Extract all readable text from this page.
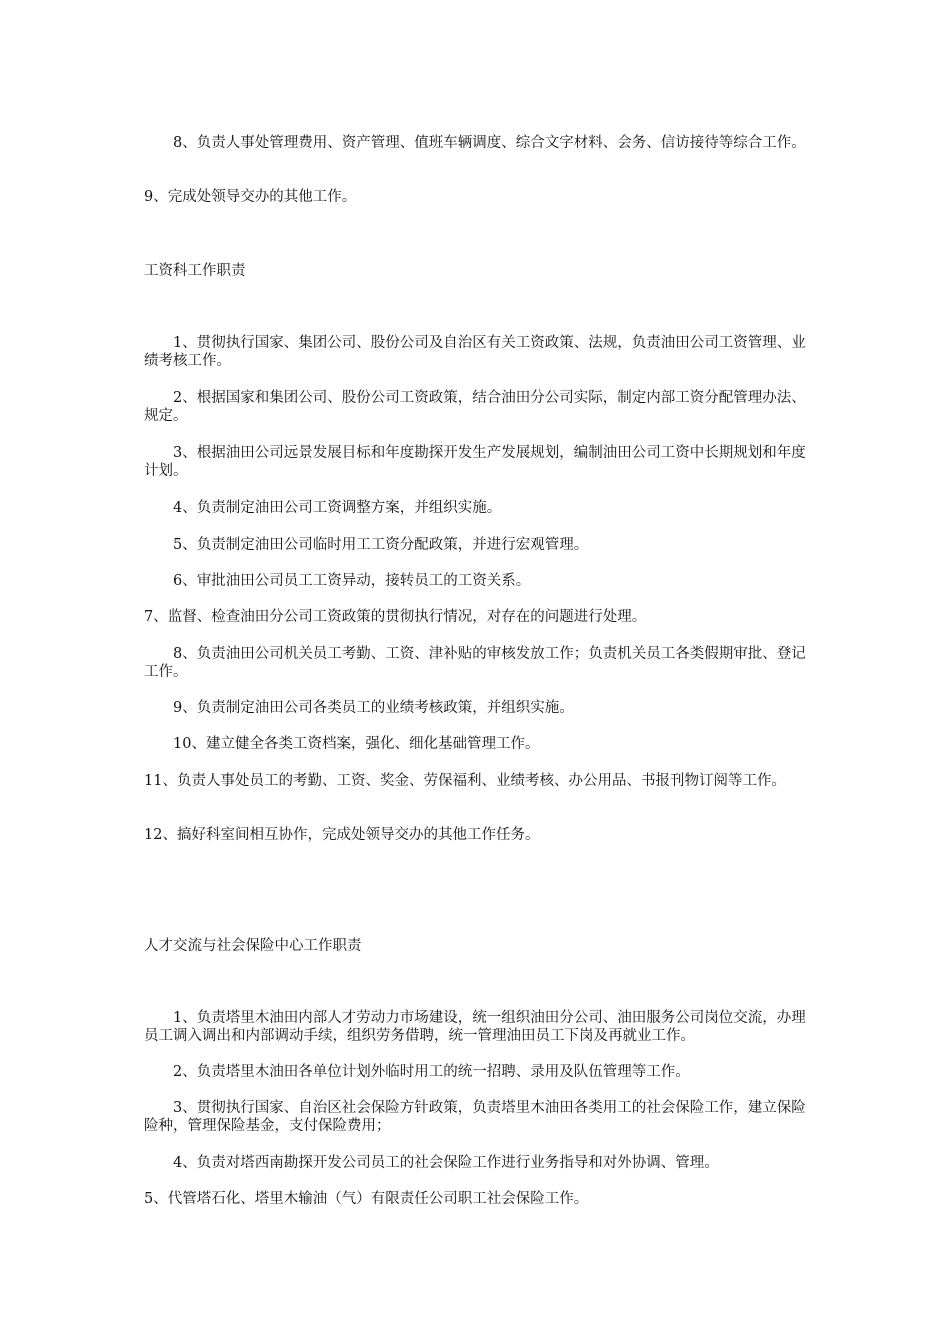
8、负责人事处管理费用、资产管理、值班车辆调度、综合文字材料、会务、信访接待等综合工作。

9、完成处领导交办的其他工作。

工资科工作职责

1、贯彻执行国家、集团公司、股份公司及自治区有关工资政策、法规，负责油田公司工资管理、业绩考核工作。

2、根据国家和集团公司、股份公司工资政策，结合油田分公司实际，制定内部工资分配管理办法、规定。

3、根据油田公司远景发展目标和年度勘探开发生产发展规划，编制油田公司工资中长期规划和年度计划。

4、负责制定油田公司工资调整方案，并组织实施。

5、负责制定油田公司临时用工工资分配政策，并进行宏观管理。

6、审批油田公司员工工资异动，接转员工的工资关系。

7、监督、检查油田分公司工资政策的贯彻执行情况，对存在的问题进行处理。

8、负责油田公司机关员工考勤、工资、津补贴的审核发放工作；负责机关员工各类假期审批、登记工作。

9、负责制定油田公司各类员工的业绩考核政策，并组织实施。

10、建立健全各类工资档案，强化、细化基础管理工作。

11、负责人事处员工的考勤、工资、奖金、劳保福利、业绩考核、办公用品、书报刊物订阅等工作。

12、搞好科室间相互协作，完成处领导交办的其他工作任务。

人才交流与社会保险中心工作职责

1、负责塔里木油田内部人才劳动力市场建设，统一组织油田分公司、油田服务公司岗位交流，办理员工调入调出和内部调动手续，组织劳务借聘，统一管理油田员工下岗及再就业工作。

2、负责塔里木油田各单位计划外临时用工的统一招聘、录用及队伍管理等工作。

3、贯彻执行国家、自治区社会保险方针政策，负责塔里木油田各类用工的社会保险工作，建立保险险种，管理保险基金，支付保险费用；

4、负责对塔西南勘探开发公司员工的社会保险工作进行业务指导和对外协调、管理。

5、代管塔石化、塔里木输油（气）有限责任公司职工社会保险工作。
